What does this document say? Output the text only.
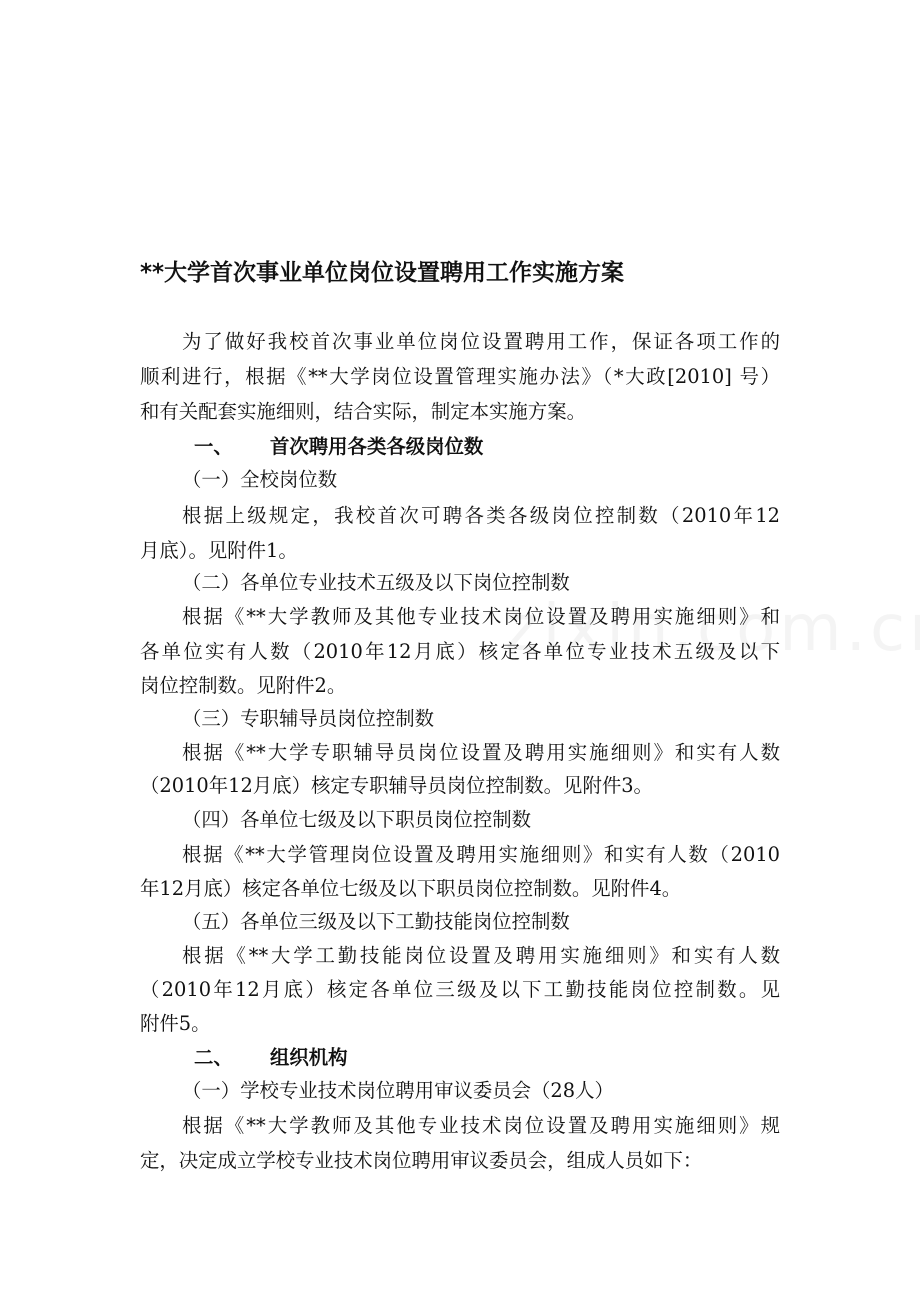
**大学首次事业单位岗位设置聘用工作实施方案
为了做好我校首次事业单位岗位设置聘用工作，保证各项工作的
顺利进行，根据《**大学岗位设置管理实施办法》（*大政[2010] 号）
和有关配套实施细则，结合实际，制定本实施方案。
一、 首次聘用各类各级岗位数
（一）全校岗位数
根据上级规定，我校首次可聘各类各级岗位控制数（2010年12
月底）。见附件1。
（二）各单位专业技术五级及以下岗位控制数
根据《**大学教师及其他专业技术岗位设置及聘用实施细则》和
各单位实有人数（2010年12月底）核定各单位专业技术五级及以下
岗位控制数。见附件2。
（三）专职辅导员岗位控制数
根据《**大学专职辅导员岗位设置及聘用实施细则》和实有人数
（2010年12月底）核定专职辅导员岗位控制数。见附件3。
（四）各单位七级及以下职员岗位控制数
根据《**大学管理岗位设置及聘用实施细则》和实有人数（2010
年12月底）核定各单位七级及以下职员岗位控制数。见附件4。
（五）各单位三级及以下工勤技能岗位控制数
根据《**大学工勤技能岗位设置及聘用实施细则》和实有人数
（2010年12月底）核定各单位三级及以下工勤技能岗位控制数。见
附件5。
二、 组织机构
（一）学校专业技术岗位聘用审议委员会（28人）
根据《**大学教师及其他专业技术岗位设置及聘用实施细则》规
定，决定成立学校专业技术岗位聘用审议委员会，组成人员如下：
